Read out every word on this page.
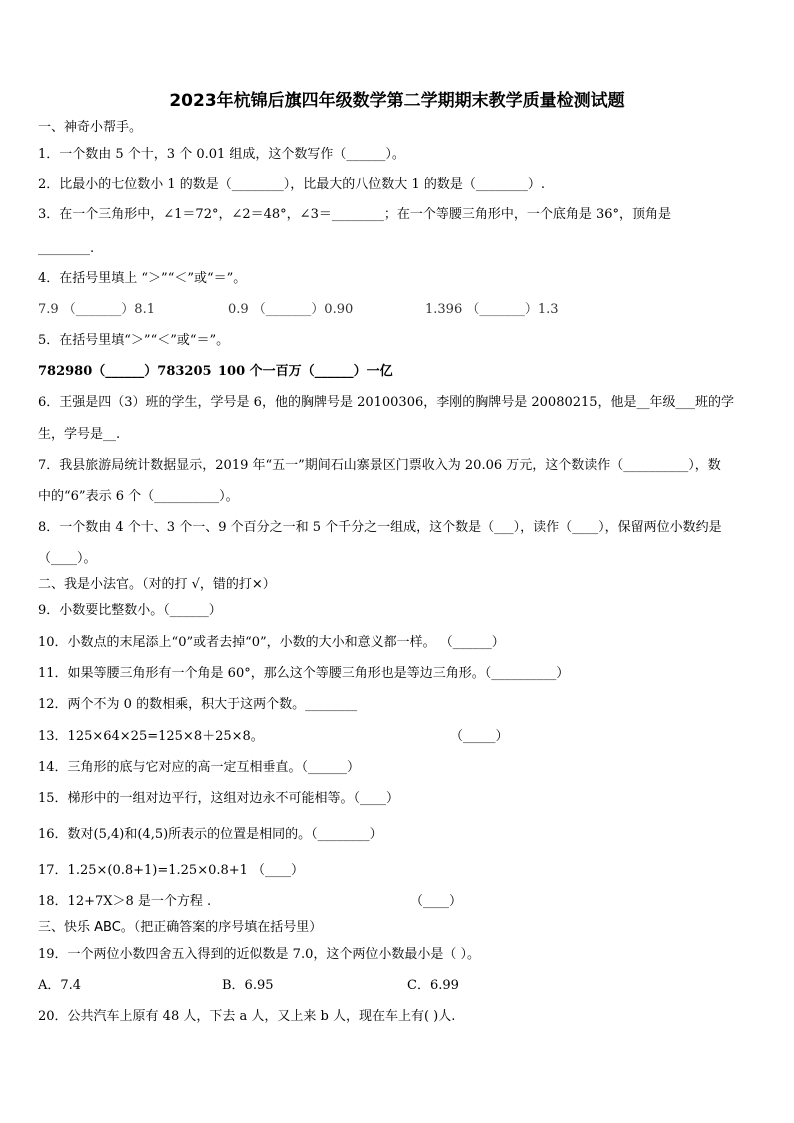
2023年杭锦后旗四年级数学第二学期期末教学质量检测试题
一、神奇小帮手。
1．一个数由 5 个十，3 个 0.01 组成，这个数写作（______）。
2．比最小的七位数小 1 的数是（________），比最大的八位数大 1 的数是（________）.
3．在一个三角形中，∠1＝72°，∠2＝48°，∠3＝________；在一个等腰三角形中，一个底角是 36°，顶角是
________.
4．在括号里填上 “＞”“＜”或“＝”。
7.9 （_______）8.1	0.9 （_______）0.90	1.396 （_______）1.3
5．在括号里填“＞”“＜”或“＝”。
782980（______）783205 100 个一百万（______）一亿
6．王强是四（3）班的学生，学号是 6，他的胸牌号是 20100306，李刚的胸牌号是 20080215，他是__年级___班的学
生，学号是__.
7．我县旅游局统计数据显示，2019 年“五一”期间石山寨景区门票收入为 20.06 万元，这个数读作（__________），数
中的“6”表示 6 个（__________）。
8．一个数由 4 个十、3 个一、9 个百分之一和 5 个千分之一组成，这个数是（___），读作（____），保留两位小数约是
（____）。
二、我是小法官。（对的打 √，错的打×）
9．小数要比整数小。（______）
10．小数点的末尾添上“0”或者去掉“0”，小数的大小和意义都一样。 （______）
11．如果等腰三角形有一个角是 60°，那么这个等腰三角形也是等边三角形。（__________）
12．两个不为 0 的数相乘，积大于这两个数。________
13．125×64×25=125×8＋25×8。	（_____）
14．三角形的底与它对应的高一定互相垂直。（______）
15．梯形中的一组对边平行，这组对边永不可能相等。（____）
16．数对(5,4)和(4,5)所表示的位置是相同的。（________）
17．1.25×(0.8+1)=1.25×0.8+1 （____）
18．12+7X＞8 是一个方程 .	（____）
三、快乐 ABC。（把正确答案的序号填在括号里）
19．一个两位小数四舍五入得到的近似数是 7.0，这个两位小数最小是（ ）。
A．7.4	B．6.95	C．6.99
20．公共汽车上原有 48 人，下去 a 人，又上来 b 人，现在车上有( )人.
